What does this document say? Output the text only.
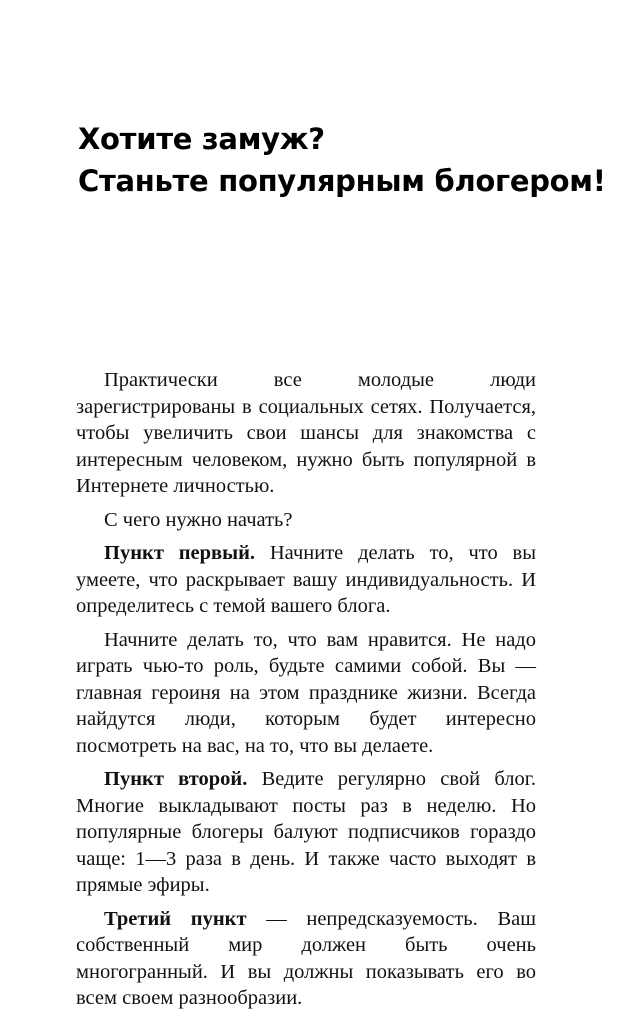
Хотите замуж?
Станьте популярным блогером!

Практически все молодые люди зарегистрированы в социальных сетях. Получается, чтобы увеличить свои шансы для знакомства с интересным человеком, нужно быть популярной в Интернете личностью.

С чего нужно начать?

Пункт первый. Начните делать то, что вы умеете, что раскрывает вашу индивидуальность. И определитесь с темой вашего блога.

Начните делать то, что вам нравится. Не надо играть чью-то роль, будьте самими собой. Вы — главная героиня на этом празднике жизни. Всегда найдутся люди, которым будет интересно посмотреть на вас, на то, что вы делаете.

Пункт второй. Ведите регулярно свой блог. Многие выкладывают посты раз в неделю. Но популярные блогеры балуют подписчиков гораздо чаще: 1—3 раза в день. И также часто выходят в прямые эфиры.

Третий пункт — непредсказуемость. Ваш собственный мир должен быть очень многогранный. И вы должны показывать его во всем своем разнообразии.
